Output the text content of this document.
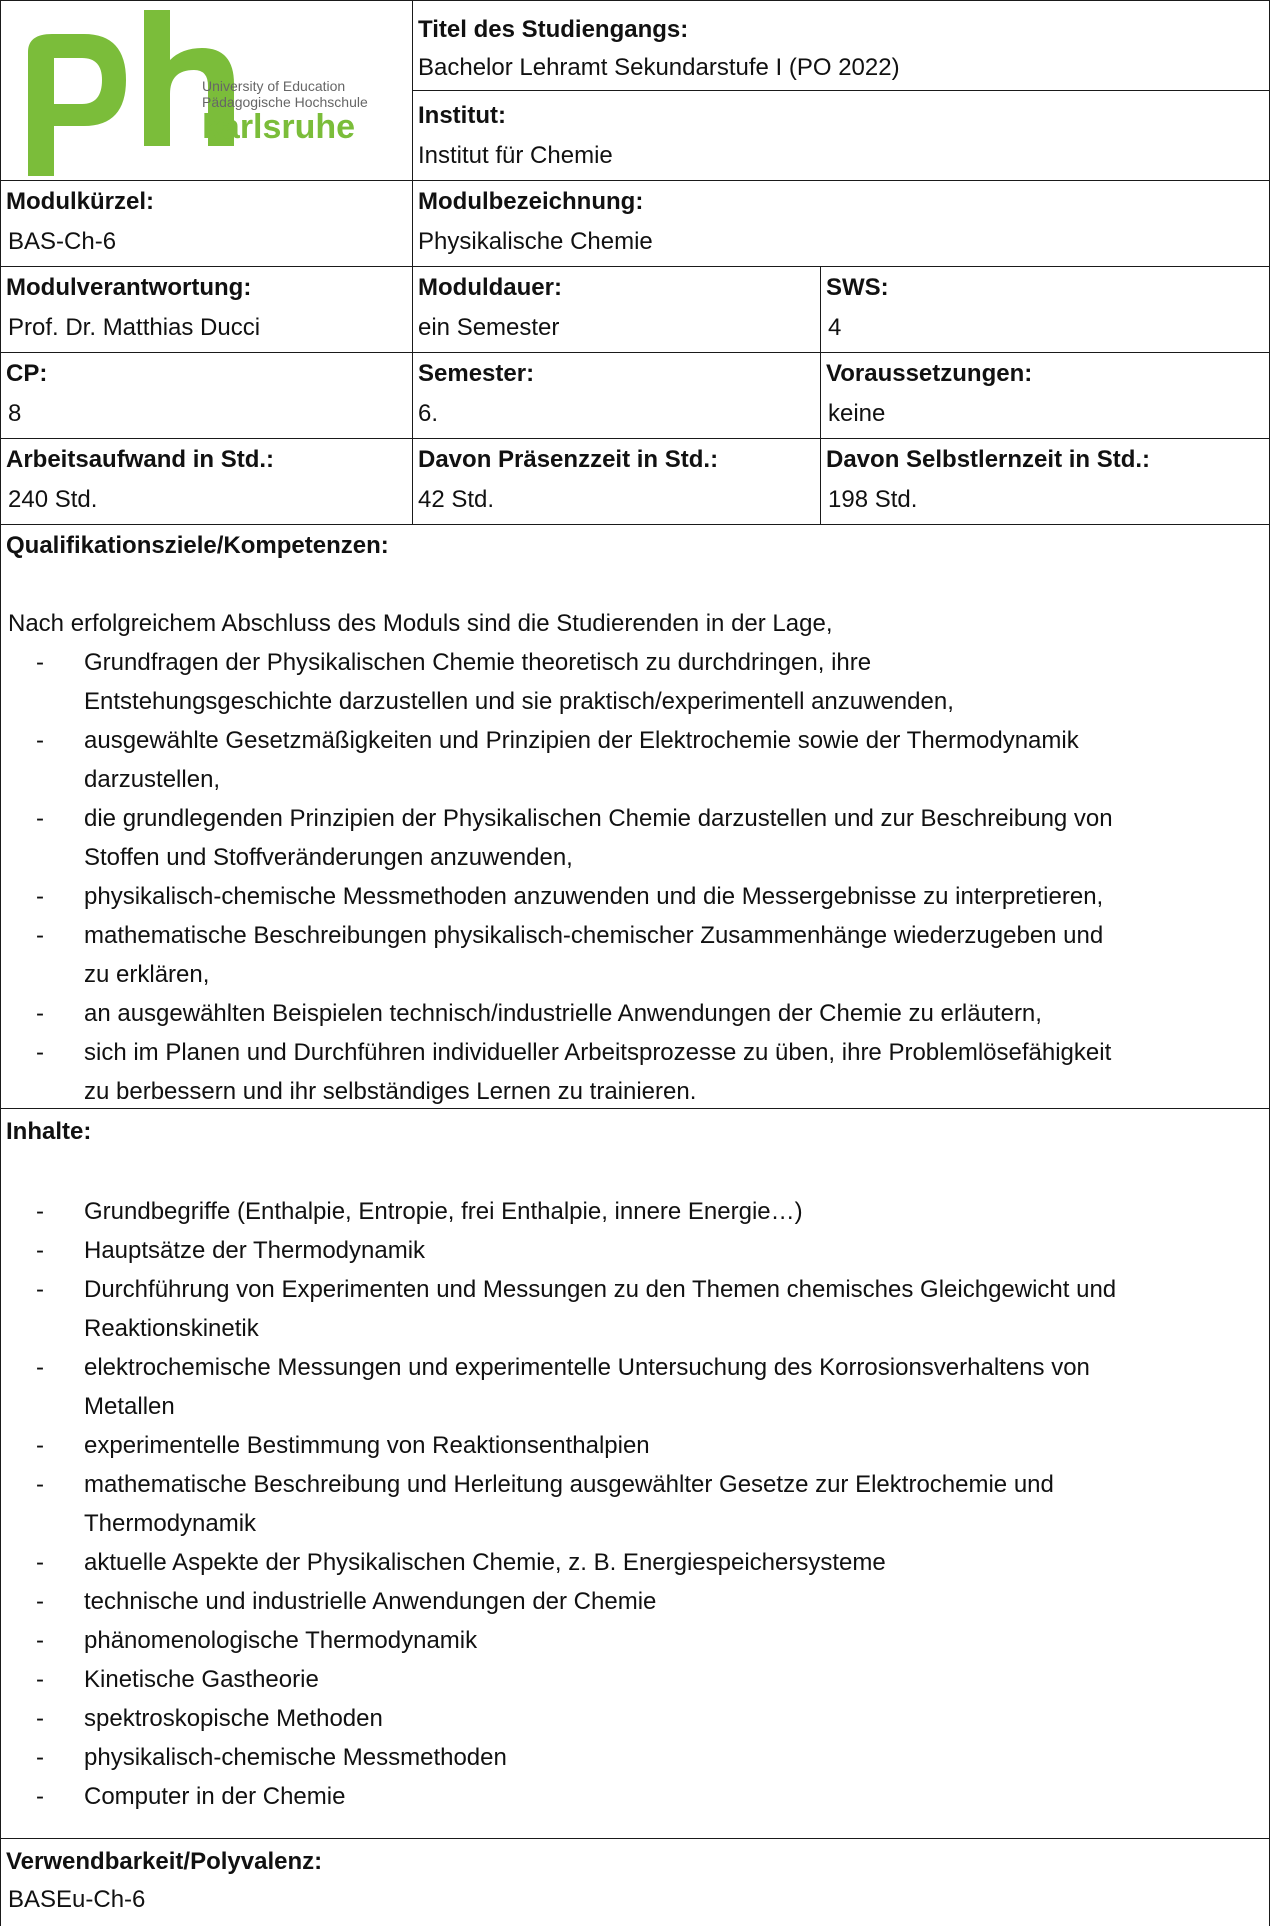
University of Education
Pädagogische Hochschule
karlsruhe
Titel des Studiengangs:
Bachelor Lehramt Sekundarstufe I (PO 2022)
Institut:
Institut für Chemie
Modulkürzel:
BAS-Ch-6
Modulbezeichnung:
Physikalische Chemie
Modulverantwortung:
Prof. Dr. Matthias Ducci
Moduldauer:
ein Semester
SWS:
4
CP:
8
Semester:
6.
Voraussetzungen:
keine
Arbeitsaufwand in Std.:
240 Std.
Davon Präsenzzeit in Std.:
42 Std.
Davon Selbstlernzeit in Std.:
198 Std.
Qualifikationsziele/Kompetenzen:
Nach erfolgreichem Abschluss des Moduls sind die Studierenden in der Lage,
- Grundfragen der Physikalischen Chemie theoretisch zu durchdringen, ihre
Entstehungsgeschichte darzustellen und sie praktisch/experimentell anzuwenden,
- ausgewählte Gesetzmäßigkeiten und Prinzipien der Elektrochemie sowie der Thermodynamik
darzustellen,
- die grundlegenden Prinzipien der Physikalischen Chemie darzustellen und zur Beschreibung von
Stoffen und Stoffveränderungen anzuwenden,
- physikalisch-chemische Messmethoden anzuwenden und die Messergebnisse zu interpretieren,
- mathematische Beschreibungen physikalisch-chemischer Zusammenhänge wiederzugeben und
zu erklären,
- an ausgewählten Beispielen technisch/industrielle Anwendungen der Chemie zu erläutern,
- sich im Planen und Durchführen individueller Arbeitsprozesse zu üben, ihre Problemlösefähigkeit
zu berbessern und ihr selbständiges Lernen zu trainieren.
Inhalte:
- Grundbegriffe (Enthalpie, Entropie, frei Enthalpie, innere Energie…)
- Hauptsätze der Thermodynamik
- Durchführung von Experimenten und Messungen zu den Themen chemisches Gleichgewicht und
Reaktionskinetik
- elektrochemische Messungen und experimentelle Untersuchung des Korrosionsverhaltens von
Metallen
- experimentelle Bestimmung von Reaktionsenthalpien
- mathematische Beschreibung und Herleitung ausgewählter Gesetze zur Elektrochemie und
Thermodynamik
- aktuelle Aspekte der Physikalischen Chemie, z. B. Energiespeichersysteme
- technische und industrielle Anwendungen der Chemie
- phänomenologische Thermodynamik
- Kinetische Gastheorie
- spektroskopische Methoden
- physikalisch-chemische Messmethoden
- Computer in der Chemie
Verwendbarkeit/Polyvalenz:
BASEu-Ch-6
